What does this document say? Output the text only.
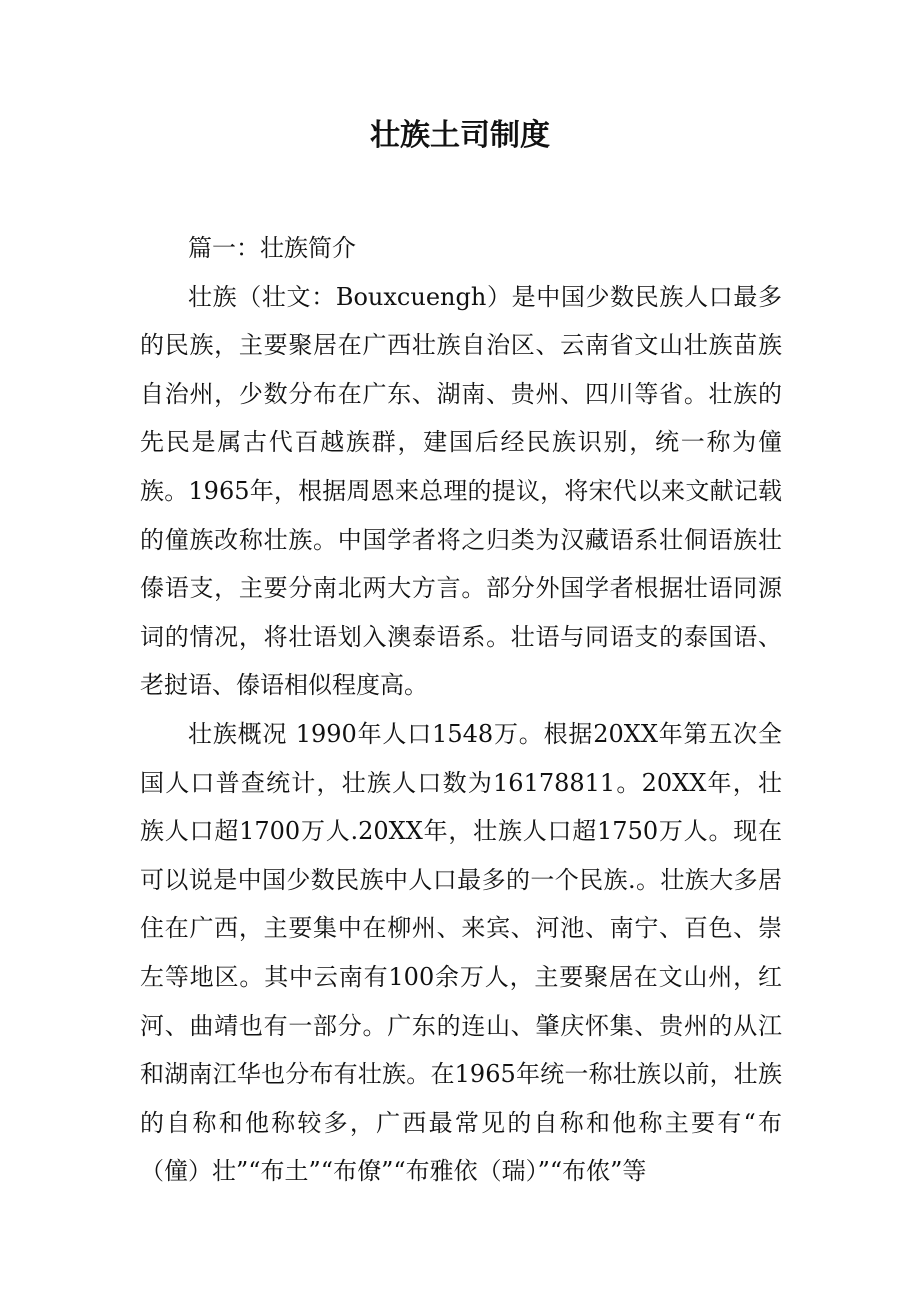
壮族土司制度

篇一：壮族简介

壮族（壮文：Bouxcuengh）是中国少数民族人口最多的民族，主要聚居在广西壮族自治区、云南省文山壮族苗族自治州，少数分布在广东、湖南、贵州、四川等省。壮族的先民是属古代百越族群，建国后经民族识别，统一称为僮族。1965年，根据周恩来总理的提议，将宋代以来文献记载的僮族改称壮族。中国学者将之归类为汉藏语系壮侗语族壮傣语支，主要分南北两大方言。部分外国学者根据壮语同源词的情况，将壮语划入澳泰语系。壮语与同语支的泰国语、老挝语、傣语相似程度高。

壮族概况 1990年人口1548万。根据20XX年第五次全国人口普查统计，壮族人口数为16178811。20XX年，壮族人口超1700万人.20XX年，壮族人口超1750万人。现在可以说是中国少数民族中人口最多的一个民族.。壮族大多居住在广西，主要集中在柳州、来宾、河池、南宁、百色、崇左等地区。其中云南有100余万人，主要聚居在文山州，红河、曲靖也有一部分。广东的连山、肇庆怀集、贵州的从江和湖南江华也分布有壮族。在1965年统一称壮族以前，壮族的自称和他称较多，广西最常见的自称和他称主要有“布（僮）壮”“布土”“布僚”“布雅依（瑞）”“布侬”等
